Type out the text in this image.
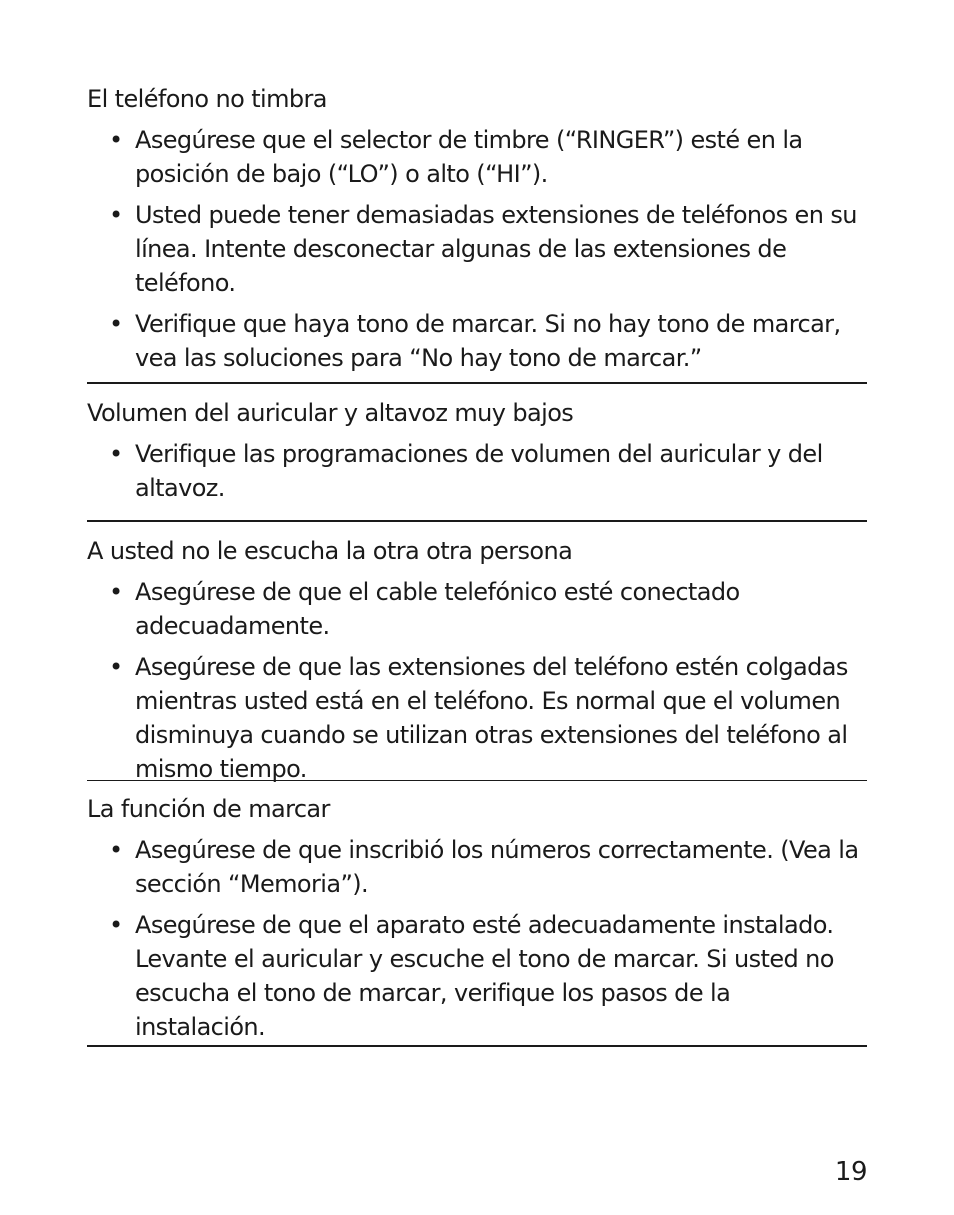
El teléfono no timbra
• Asegúrese que el selector de timbre (“RINGER”) esté en la posición de bajo (“LO”) o alto (“HI”).
• Usted puede tener demasiadas extensiones de teléfonos en su línea. Intente desconectar algunas de las extensiones de teléfono.
• Verifique que haya tono de marcar. Si no hay tono de marcar, vea las soluciones para “No hay tono de marcar.”
Volumen del auricular y altavoz muy bajos
• Verifique las programaciones de volumen del auricular y del altavoz.
A usted no le escucha la otra otra persona
• Asegúrese de que el cable telefónico esté conectado adecuadamente.
• Asegúrese de que las extensiones del teléfono estén colgadas mientras usted está en el teléfono. Es normal que el volumen disminuya cuando se utilizan otras extensiones del teléfono al mismo tiempo.
La función de marcar
• Asegúrese de que inscribió los números correctamente. (Vea la sección “Memoria”).
• Asegúrese de que el aparato esté adecuadamente instalado. Levante el auricular y escuche el tono de marcar. Si usted no escucha el tono de marcar, verifique los pasos de la instalación.
19
